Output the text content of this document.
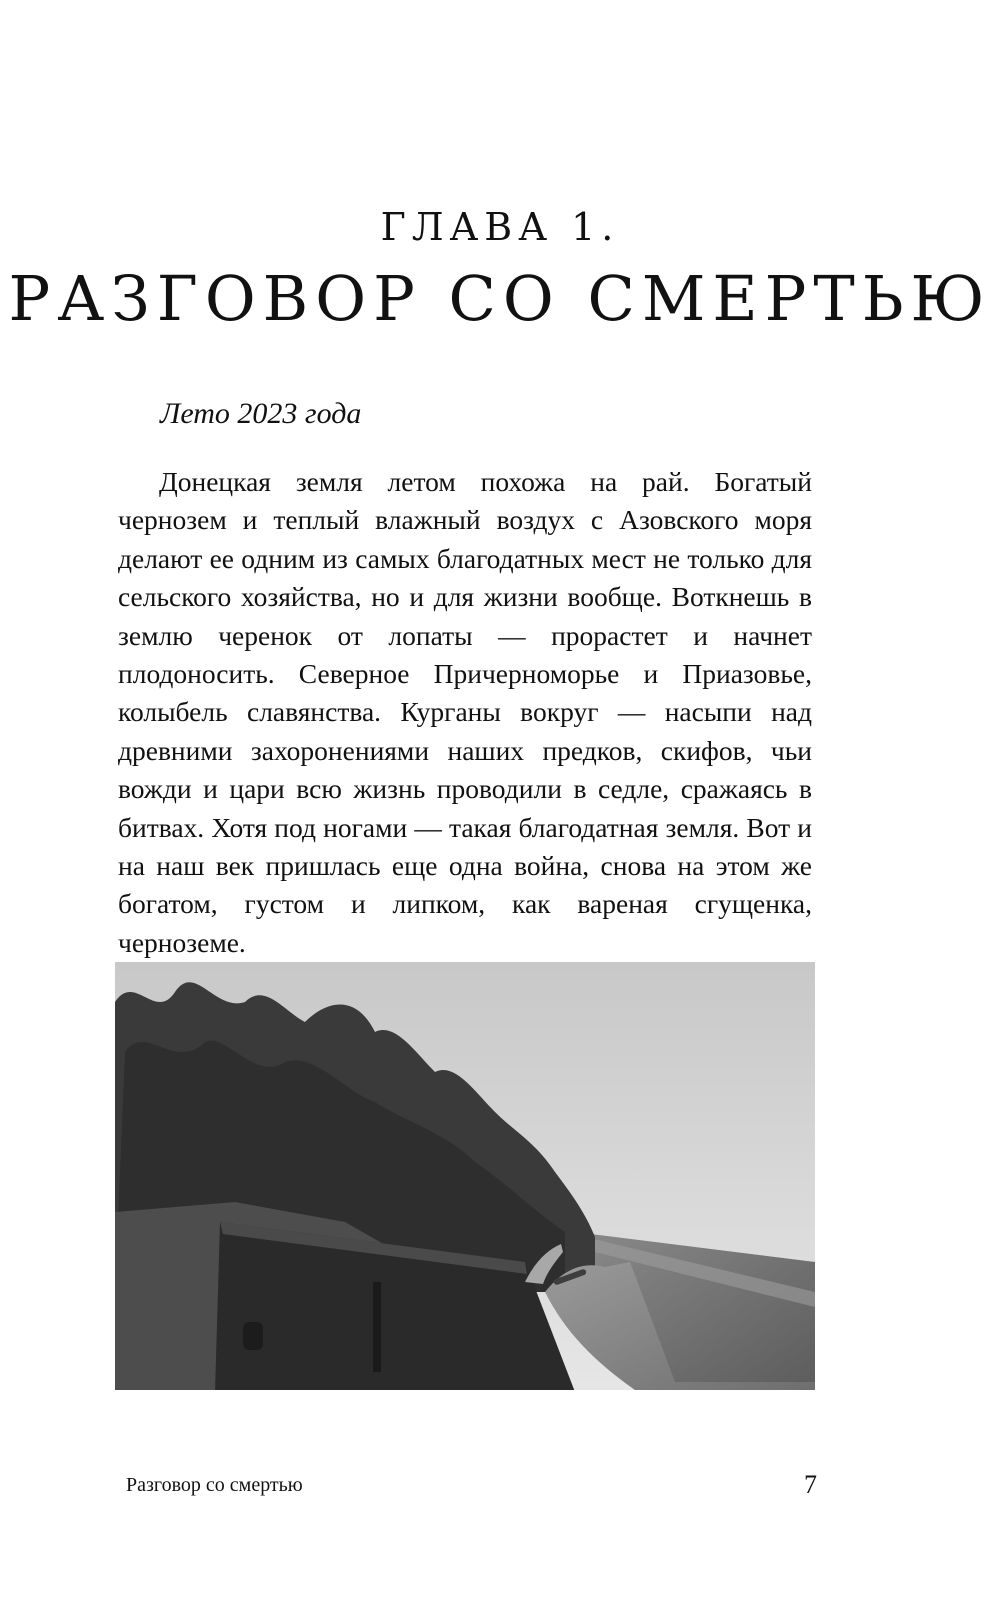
ГЛАВА 1.
РАЗГОВОР СО СМЕРТЬЮ
Лето 2023 года

Донецкая земля летом похожа на рай. Богатый чернозем и теплый влажный воздух с Азовского моря делают ее одним из самых благодатных мест не только для сельского хозяйства, но и для жизни вообще. Воткнешь в землю черенок от лопаты — прорастет и начнет плодоносить. Северное Причерноморье и Приазовье, колыбель славянства. Курганы вокруг — насыпи над древними захоронениями наших предков, скифов, чьи вожди и цари всю жизнь проводили в седле, сражаясь в битвах. Хотя под ногами — такая благодатная земля. Вот и на наш век пришлась еще одна война, снова на этом же богатом, густом и липком, как вареная сгущенка, черноземе.

Разговор со смертью	7
